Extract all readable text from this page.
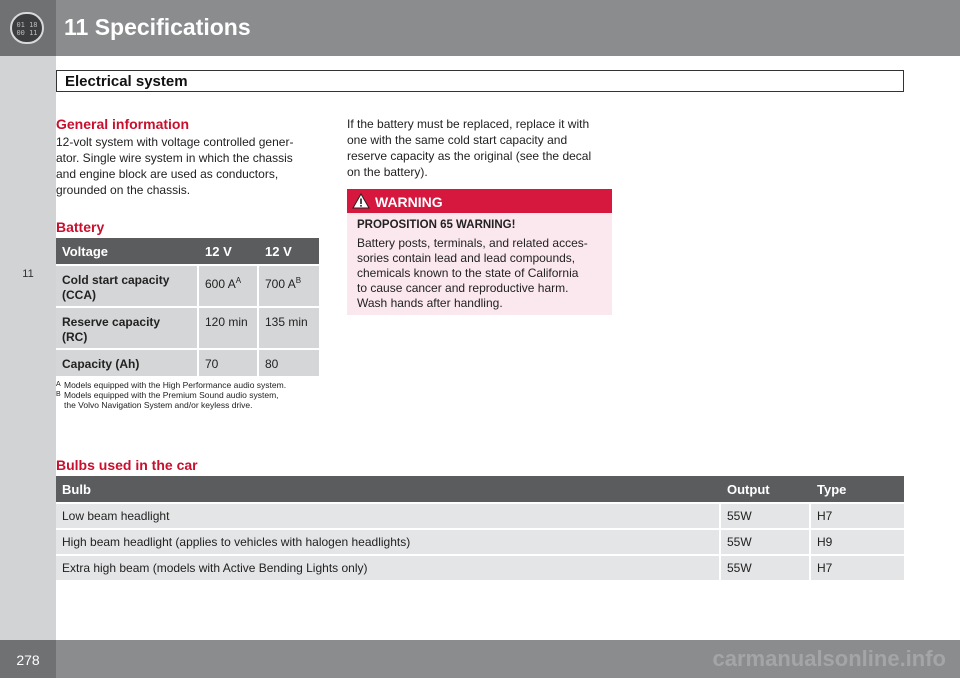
01 18
00 11 11 Specifications
11
Electrical system
General information
12-volt system with voltage controlled gener-
ator. Single wire system in which the chassis
and engine block are used as conductors,
grounded on the chassis.
Battery
Voltage	12 V	12 V
Cold start capacity
(CCA)
600 $A^A$	700 $A^B$
Reserve capacity
(RC)
120 min	135 min
Capacity (Ah)	70	80
A Models equipped with the High Performance audio system.
B Models equipped with the Premium Sound audio system,
the Volvo Navigation System and/or keyless drive.
If the battery must be replaced, replace it with
one with the same cold start capacity and
reserve capacity as the original (see the decal
on the battery).
WARNING
PROPOSITION 65 WARNING!
Battery posts, terminals, and related acces-
sories contain lead and lead compounds,
chemicals known to the state of California
to cause cancer and reproductive harm.
Wash hands after handling.
Bulbs used in the car
Bulb	Output	Type
Low beam headlight	55W	H7
High beam headlight (applies to vehicles with halogen headlights)	55W	H9
Extra high beam (models with Active Bending Lights only)	55W	H7
278	carmanualsonline.info
